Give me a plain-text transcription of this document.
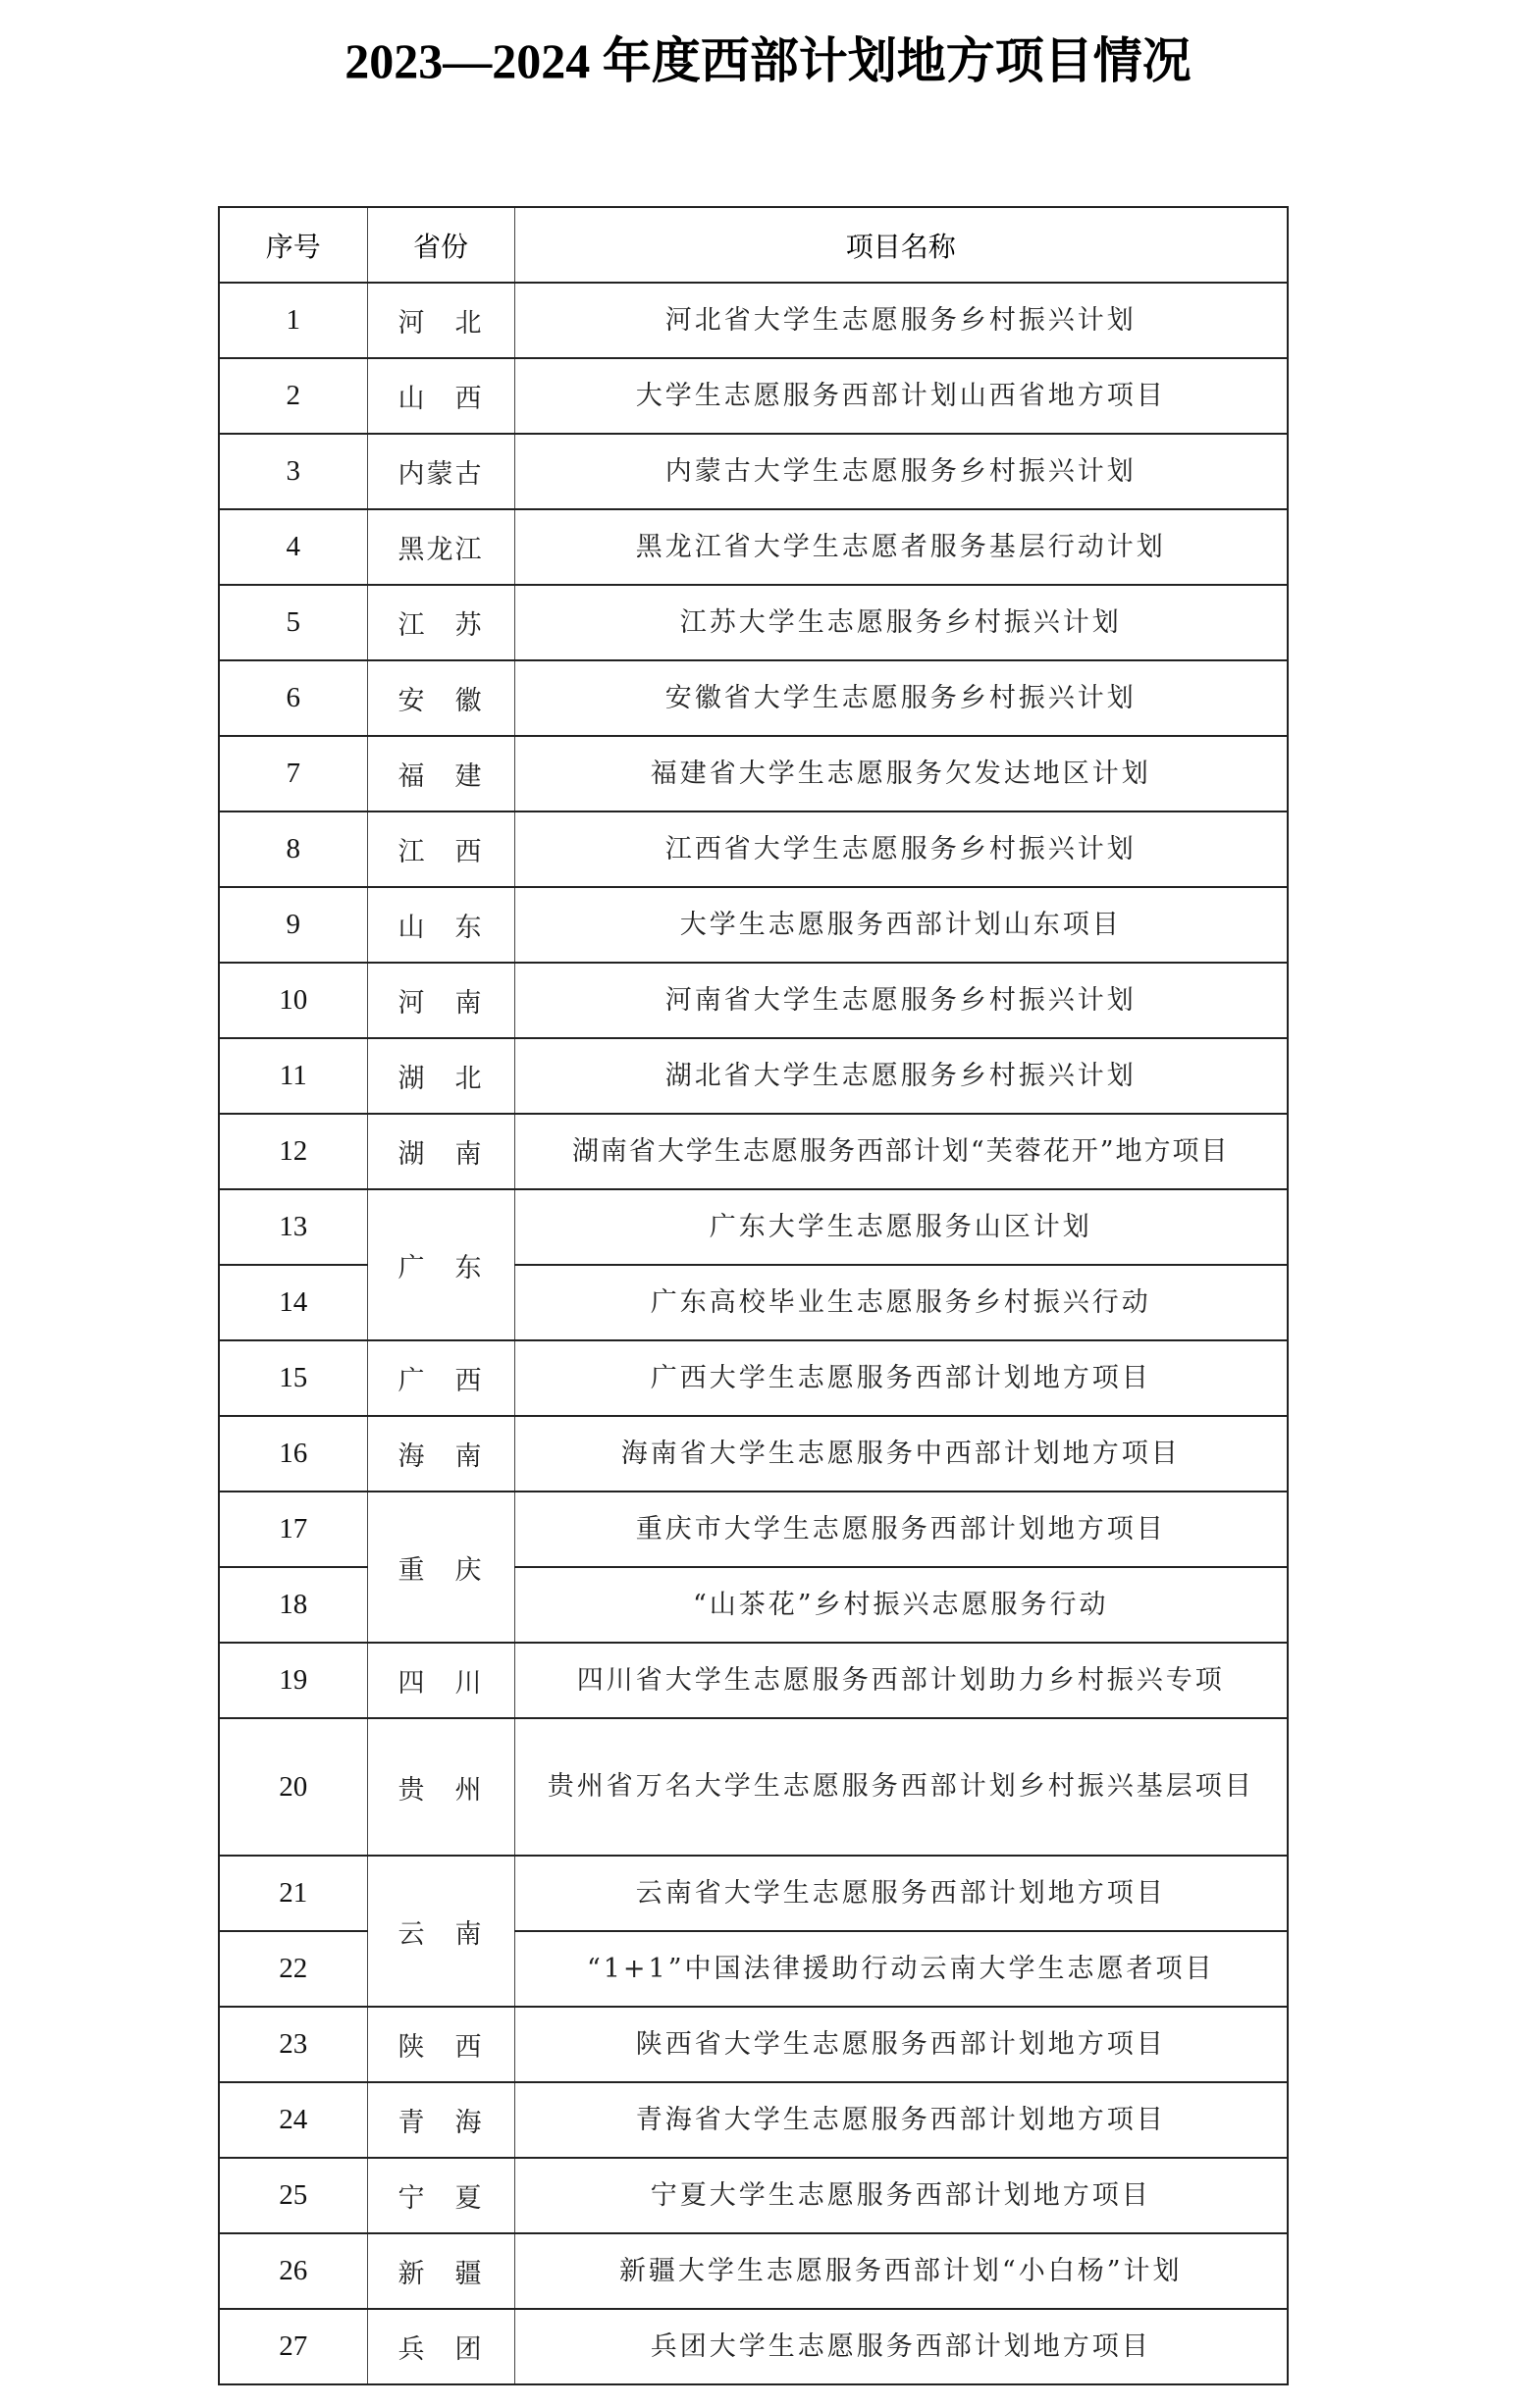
2023—2024 年度西部计划地方项目情况
序号	省份	项目名称
1	河　北	河北省大学生志愿服务乡村振兴计划
2	山　西	大学生志愿服务西部计划山西省地方项目
3	内蒙古	内蒙古大学生志愿服务乡村振兴计划
4	黑龙江	黑龙江省大学生志愿者服务基层行动计划
5	江　苏	江苏大学生志愿服务乡村振兴计划
6	安　徽	安徽省大学生志愿服务乡村振兴计划
7	福　建	福建省大学生志愿服务欠发达地区计划
8	江　西	江西省大学生志愿服务乡村振兴计划
9	山　东	大学生志愿服务西部计划山东项目
10	河　南	河南省大学生志愿服务乡村振兴计划
11	湖　北	湖北省大学生志愿服务乡村振兴计划
12	湖　南	湖南省大学生志愿服务西部计划“芙蓉花开”地方项目
13	广　东	广东大学生志愿服务山区计划
14		广东高校毕业生志愿服务乡村振兴行动
15	广　西	广西大学生志愿服务西部计划地方项目
16	海　南	海南省大学生志愿服务中西部计划地方项目
17	重　庆	重庆市大学生志愿服务西部计划地方项目
18		“山茶花”乡村振兴志愿服务行动
19	四　川	四川省大学生志愿服务西部计划助力乡村振兴专项
20	贵　州	贵州省万名大学生志愿服务西部计划乡村振兴基层项目
21	云　南	云南省大学生志愿服务西部计划地方项目
22		“1+1”中国法律援助行动云南大学生志愿者项目
23	陕　西	陕西省大学生志愿服务西部计划地方项目
24	青　海	青海省大学生志愿服务西部计划地方项目
25	宁　夏	宁夏大学生志愿服务西部计划地方项目
26	新　疆	新疆大学生志愿服务西部计划“小白杨”计划
27	兵　团	兵团大学生志愿服务西部计划地方项目
